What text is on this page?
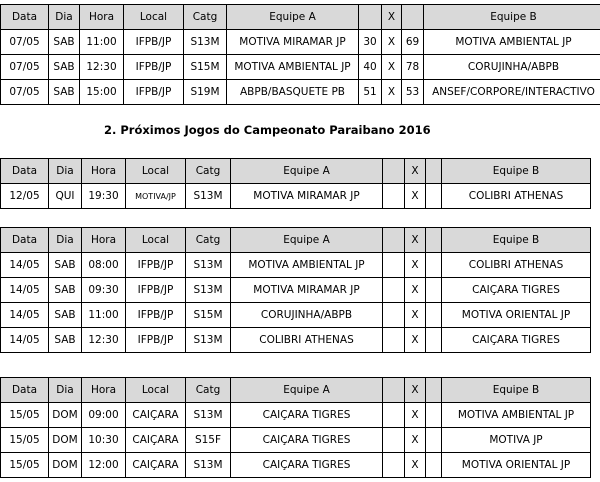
Data	Dia	Hora	Local	Catg	Equipe A		X		Equipe B
07/05	SAB	11:00	IFPB/JP	S13M	MOTIVA MIRAMAR JP	30	X	69	MOTIVA AMBIENTAL JP
07/05	SAB	12:30	IFPB/JP	S15M	MOTIVA AMBIENTAL JP	40	X	78	CORUJINHA/ABPB
07/05	SAB	15:00	IFPB/JP	S19M	ABPB/BASQUETE PB	51	X	53	ANSEF/CORPORE/INTERACTIVO
2. Próximos Jogos do Campeonato Paraibano 2016
Data	Dia	Hora	Local	Catg	Equipe A		X		Equipe B
12/05	QUI	19:30	MOTIVA/JP	S13M	MOTIVA MIRAMAR JP		X		COLIBRI ATHENAS
Data	Dia	Hora	Local	Catg	Equipe A		X		Equipe B
14/05	SAB	08:00	IFPB/JP	S13M	MOTIVA AMBIENTAL JP		X		COLIBRI ATHENAS
14/05	SAB	09:30	IFPB/JP	S13M	MOTIVA MIRAMAR JP		X		CAIÇARA TIGRES
14/05	SAB	11:00	IFPB/JP	S15M	CORUJINHA/ABPB		X		MOTIVA ORIENTAL JP
14/05	SAB	12:30	IFPB/JP	S13M	COLIBRI ATHENAS		X		CAIÇARA TIGRES
Data	Dia	Hora	Local	Catg	Equipe A		X		Equipe B
15/05	DOM	09:00	CAIÇARA	S13M	CAIÇARA TIGRES		X		MOTIVA AMBIENTAL JP
15/05	DOM	10:30	CAIÇARA	S15F	CAIÇARA TIGRES		X		MOTIVA JP
15/05	DOM	12:00	CAIÇARA	S13M	CAIÇARA TIGRES		X		MOTIVA ORIENTAL JP
